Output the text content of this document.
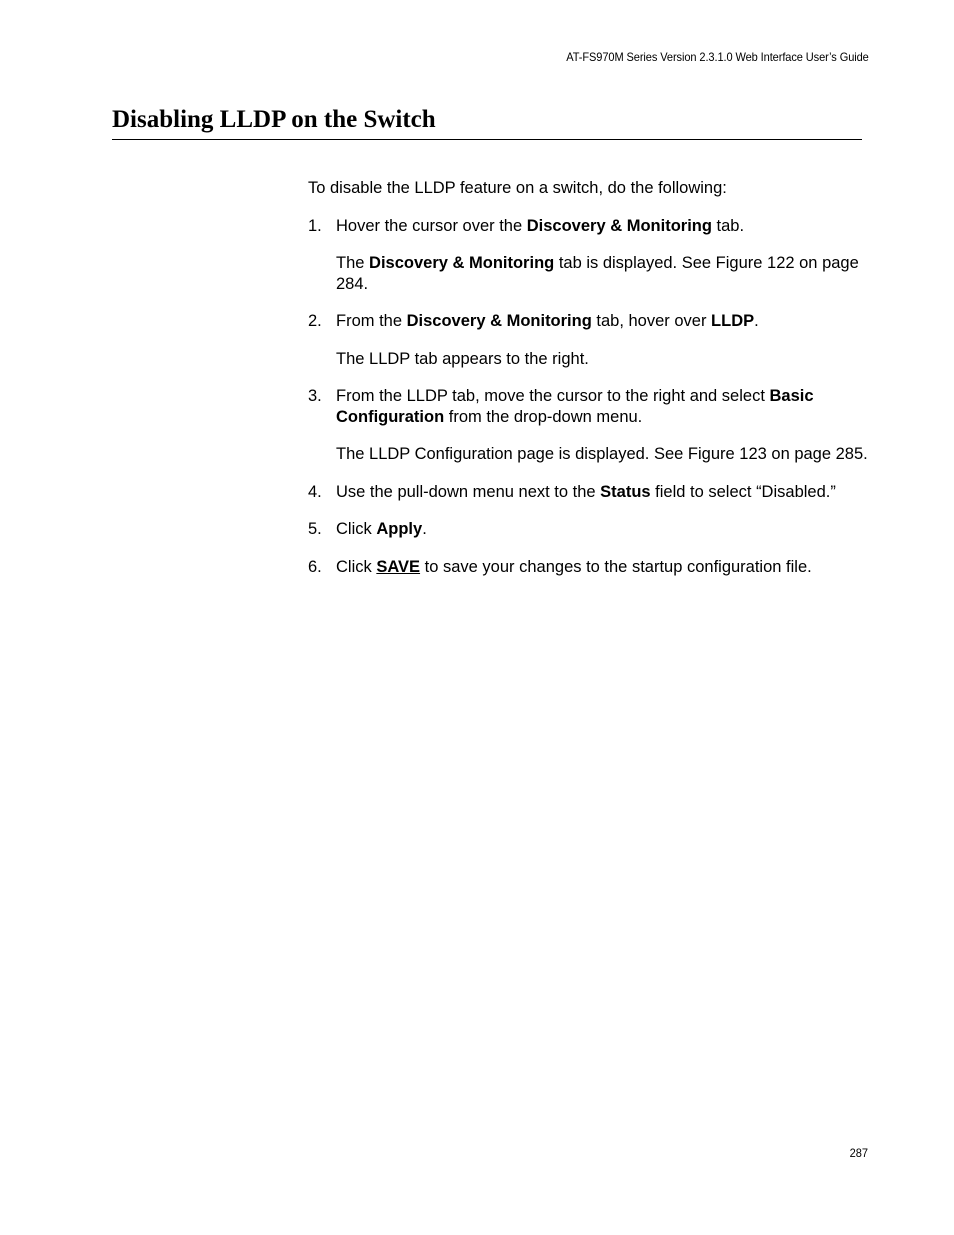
AT-FS970M Series Version 2.3.1.0 Web Interface User’s Guide
Disabling LLDP on the Switch

To disable the LLDP feature on a switch, do the following:

1. Hover the cursor over the Discovery & Monitoring tab.

The Discovery & Monitoring tab is displayed. See Figure 122 on page 284.

2. From the Discovery & Monitoring tab, hover over LLDP.

The LLDP tab appears to the right.

3. From the LLDP tab, move the cursor to the right and select Basic Configuration from the drop-down menu.

The LLDP Configuration page is displayed. See Figure 123 on page 285.

4. Use the pull-down menu next to the Status field to select “Disabled.”

5. Click Apply.

6. Click SAVE to save your changes to the startup configuration file.

287
